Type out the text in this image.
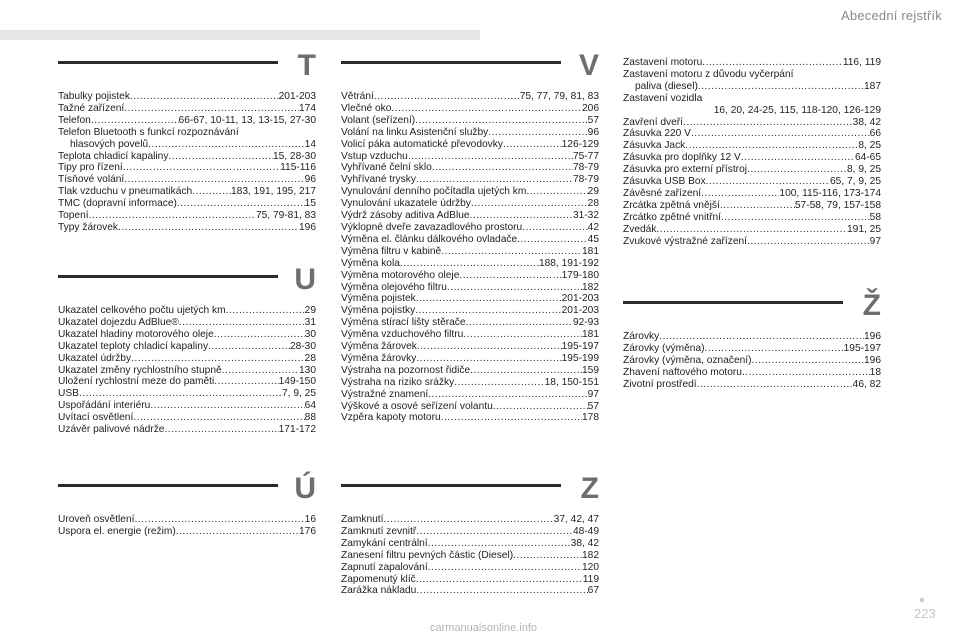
Abecední rejstřík
T
Tabulky pojistek .....	201-203
Tažné zařízení .....	174
Telefon .....	66-67, 10-11, 13, 13-15, 27-30
Telefon Bluetooth s funkcí rozpoznávání
hlasových povelů .....	14
Teplota chladicí kapaliny .....	15, 28-30
Tipy pro řízení .....	115-116
Tísňové volání .....	96
Tlak vzduchu v pneumatikách .....	183, 191, 195, 217
TMC (dopravní informace) .....	15
Topení .....	75, 79-81, 83
Typy žárovek .....	196
U
Ukazatel celkového počtu ujetých km .....	29
Ukazatel dojezdu AdBlue® .....	31
Ukazatel hladiny motorového oleje .....	30
Ukazatel teploty chladicí kapaliny .....	28-30
Ukazatel údržby .....	28
Ukazatel změny rychlostního stupně .....	130
Uložení rychlostní meze do paměti .....	149-150
USB .....	7, 9, 25
Uspořádání interiéru .....	64
Uvítací osvětlení .....	88
Uzávěr palivové nádrže .....	171-172
Ú
Úroveň osvětlení .....	16
Úspora el. energie (režim) .....	176
V
Větrání .....	75, 77, 79, 81, 83
Vlečné oko .....	206
Volant (seřízení) .....	57
Volání na linku Asistenční služby .....	96
Volicí páka automatické převodovky .....	126-129
Vstup vzduchu .....	75-77
Vyhřívané čelní sklo .....	78-79
Vyhřívané trysky .....	78-79
Vynulování denního počítadla ujetých km .....	29
Vynulování ukazatele údržby .....	28
Výdrž zásoby aditiva AdBlue .....	31-32
Výklopné dveře zavazadlového prostoru .....	42
Výměna el. článku dálkového ovladače .....	45
Výměna filtru v kabině .....	181
Výměna kola .....	188, 191-192
Výměna motorového oleje .....	179-180
Výměna olejového filtru .....	182
Výměna pojistek .....	201-203
Výměna pojistky .....	201-203
Výměna stírací lišty stěrače .....	92-93
Výměna vzduchového filtru .....	181
Výměna žárovek .....	195-197
Výměna žárovky .....	195-199
Výstraha na pozornost řidiče .....	159
Výstraha na riziko srážky .....	18, 150-151
Výstražné znamení .....	97
Výškové a osové seřízení volantu .....	57
Vzpěra kapoty motoru .....	178
Z
Zamknutí .....	37, 42, 47
Zamknutí zevnitř .....	48-49
Zamykání centrální .....	38, 42
Zanesení filtru pevných částic (Diesel) .....	182
Zapnutí zapalování .....	120
Zapomenutý klíč .....	119
Zarážka nákladu .....	67
Zastavení motoru .....	116, 119
Zastavení motoru z důvodu vyčerpání
paliva (diesel) .....	187
Zastavení vozidla
16, 20, 24-25, 115, 118-120, 126-129
Zavření dveří .....	38, 42
Zásuvka 220 V .....	66
Zásuvka Jack .....	8, 25
Zásuvka pro doplňky 12 V .....	64-65
Zásuvka pro externí přístroj .....	8, 9, 25
Zásuvka USB Box .....	65, 7, 9, 25
Závěsné zařízení .....	100, 115-116, 173-174
Zrcátka zpětná vnější .....	57-58, 79, 157-158
Zrcátko zpětné vnitřní .....	58
Zvedák .....	191, 25
Zvukové výstražné zařízení .....	97
Ž
Žárovky .....	196
Žárovky (výměna) .....	195-197
Žárovky (výměna, označení) .....	196
Žhavení naftového motoru .....	18
Životní prostředí .....	46, 82
223
carmanualsonline.info
